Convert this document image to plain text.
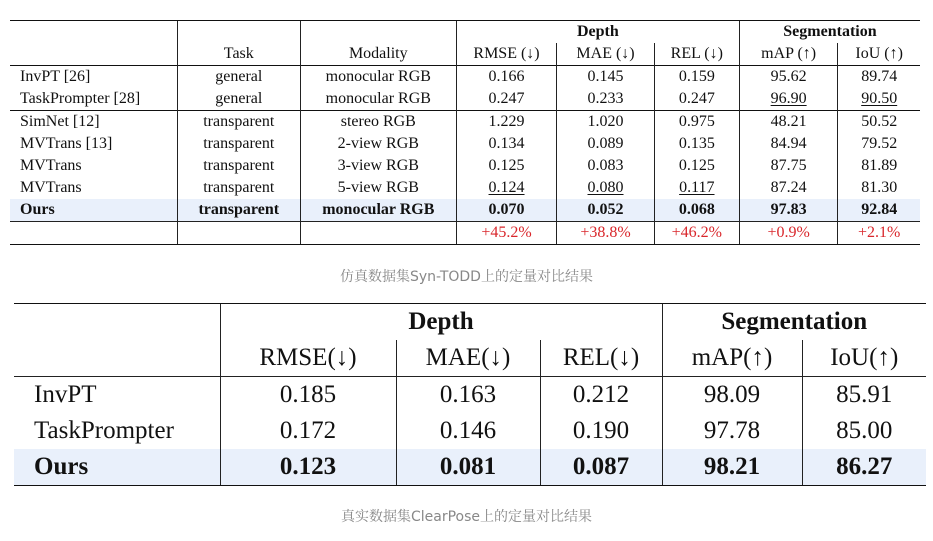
			Depth			Segmentation	
	Task	Modality	RMSE (↓)	MAE (↓)	REL (↓)	mAP (↑)	IoU (↑)
InvPT [26]	general	monocular RGB	0.166	0.145	0.159	95.62	89.74
TaskPrompter [28]	general	monocular RGB	0.247	0.233	0.247	96.90	90.50
SimNet [12]	transparent	stereo RGB	1.229	1.020	0.975	48.21	50.52
MVTrans [13]	transparent	2-view RGB	0.134	0.089	0.135	84.94	79.52
MVTrans	transparent	3-view RGB	0.125	0.083	0.125	87.75	81.89
MVTrans	transparent	5-view RGB	0.124	0.080	0.117	87.24	81.30
Ours	transparent	monocular RGB	0.070	0.052	0.068	97.83	92.84
			+45.2%	+38.8%	+46.2%	+0.9%	+2.1%
仿真数据集Syn-TODD上的定量对比结果
	Depth			Segmentation	
	RMSE(↓)	MAE(↓)	REL(↓)	mAP(↑)	IoU(↑)
InvPT	0.185	0.163	0.212	98.09	85.91
TaskPrompter	0.172	0.146	0.190	97.78	85.00
Ours	0.123	0.081	0.087	98.21	86.27
真实数据集ClearPose上的定量对比结果
